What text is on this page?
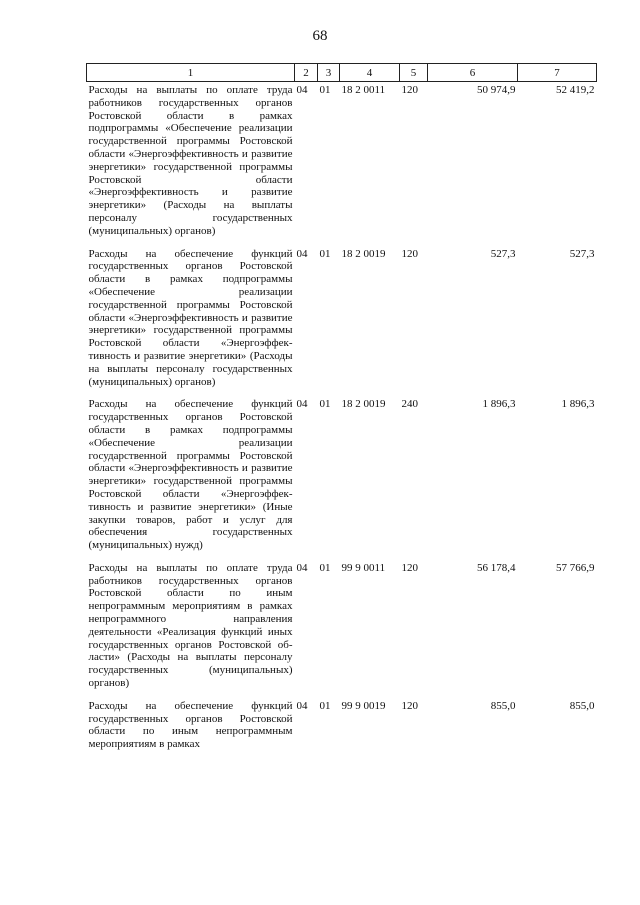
68
1	2	3	4	5	6	7
Расходы на выплаты по оплате труда работников государственных органов Ростовской области в рамках подпрограммы «Обеспечение реализации государственной программы Ростовской области «Энергоэффективность и развитие энергетики» государственной программы Ростовской области «Энергоэффективность и развитие энергетики» (Расходы на выплаты персоналу государственных (муниципальных) органов)	04	01	18 2 0011	120	50 974,9	52 419,2
Расходы на обеспечение функций государственных органов Ростовской области в рамках подпрограммы «Обеспечение реализации государственной программы Ростовской области «Энергоэффективность и развитие энергетики» государственной программы Ростовской области «Энергоэффективность и развитие энергетики» (Расходы на выплаты персоналу государственных (муниципальных) органов)	04	01	18 2 0019	120	527,3	527,3
Расходы на обеспечение функций государственных органов Ростовской области в рамках подпрограммы «Обеспечение реализации государственной программы Ростовской области «Энергоэффективность и развитие энергетики» государственной программы Ростовской области «Энергоэффективность и развитие энергетики» (Иные закупки товаров, работ и услуг для обеспечения государственных (муниципальных) нужд)	04	01	18 2 0019	240	1 896,3	1 896,3
Расходы на выплаты по оплате труда работников государственных органов Ростовской области по иным непрограммным мероприятиям в рамках непрограммного направления деятельности «Реализация функций иных государственных органов Ростовской области» (Расходы на выплаты персоналу государственных (муниципальных) органов)	04	01	99 9 0011	120	56 178,4	57 766,9
Расходы на обеспечение функций государственных органов Ростовской области по иным непрограммным мероприятиям в рамках	04	01	99 9 0019	120	855,0	855,0
